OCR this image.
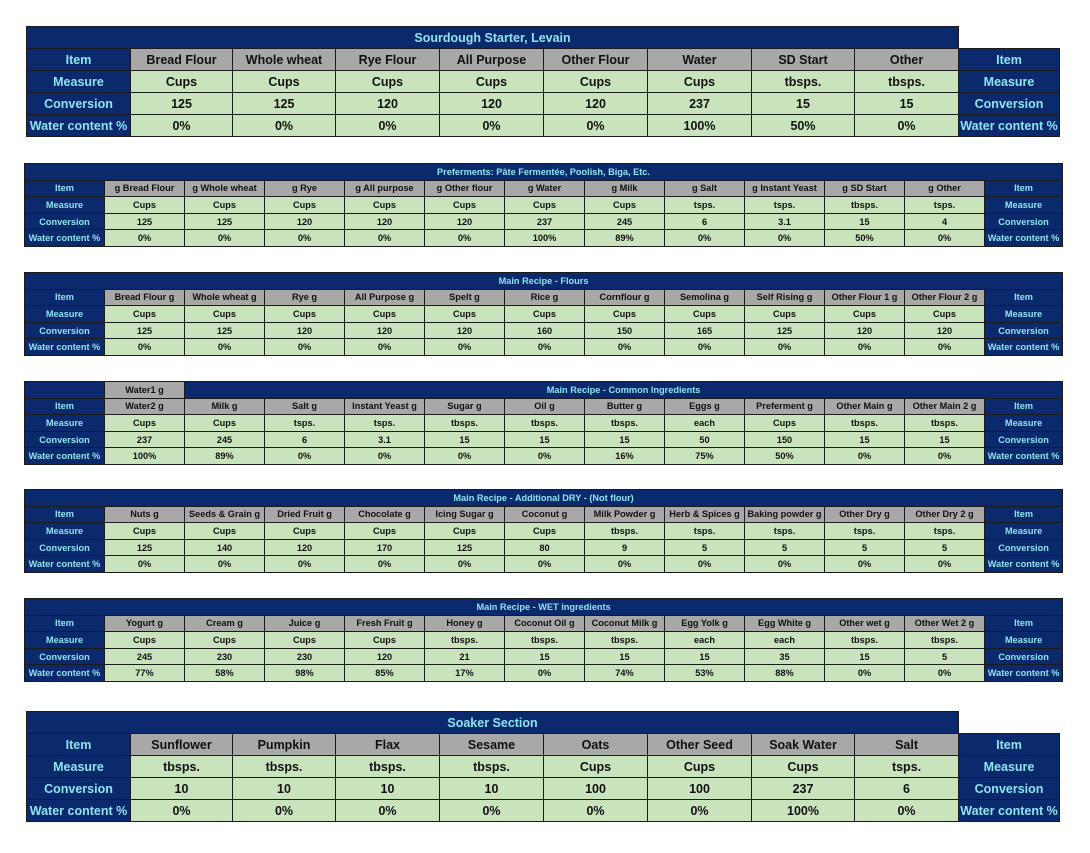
Sourdough Starter, Levain									
Item	Bread Flour	Whole wheat	Rye Flour	All Purpose	Other Flour	Water	SD Start	Other	Item
Measure	Cups	Cups	Cups	Cups	Cups	Cups	tbsps.	tbsps.	Measure
Conversion	125	125	120	120	120	237	15	15	Conversion
Water content %	0%	0%	0%	0%	0%	100%	50%	0%	Water content %
Preferments: Pâte Fermentée, Poolish, Biga, Etc.												
Item	g Bread Flour	g Whole wheat	g Rye	g All purpose	g Other flour	g Water	g Milk	g Salt	g Instant Yeast	g SD Start	g Other	Item
Measure	Cups	Cups	Cups	Cups	Cups	Cups	Cups	tsps.	tsps.	tbsps.	tsps.	Measure
Conversion	125	125	120	120	120	237	245	6	3.1	15	4	Conversion
Water content %	0%	0%	0%	0%	0%	100%	89%	0%	0%	50%	0%	Water content %
Main Recipe - Flours												
Item	Bread Flour g	Whole wheat g	Rye g	All Purpose g	Spelt g	Rice g	Cornflour g	Semolina g	Self Rising g	Other Flour 1 g	Other Flour 2 g	Item
Measure	Cups	Cups	Cups	Cups	Cups	Cups	Cups	Cups	Cups	Cups	Cups	Measure
Conversion	125	125	120	120	120	160	150	165	125	120	120	Conversion
Water content %	0%	0%	0%	0%	0%	0%	0%	0%	0%	0%	0%	Water content %
	Water1 g	Main Recipe - Common Ingredients										
Item	Water2 g	Milk g	Salt g	Instant Yeast g	Sugar g	Oil g	Butter g	Eggs g	Preferment g	Other Main g	Other Main 2 g	Item
Measure	Cups	Cups	tsps.	tsps.	tbsps.	tbsps.	tbsps.	each	Cups	tbsps.	tbsps.	Measure
Conversion	237	245	6	3.1	15	15	15	50	150	15	15	Conversion
Water content %	100%	89%	0%	0%	0%	0%	16%	75%	50%	0%	0%	Water content %
Main Recipe - Additional DRY - (Not flour)												
Item	Nuts g	Seeds & Grain g	Dried Fruit g	Chocolate g	Icing Sugar g	Coconut g	Milk Powder g	Herb & Spices g	Baking powder g	Other Dry g	Other Dry 2 g	Item
Measure	Cups	Cups	Cups	Cups	Cups	Cups	tbsps.	tsps.	tsps.	tsps.	tsps.	Measure
Conversion	125	140	120	170	125	80	9	5	5	5	5	Conversion
Water content %	0%	0%	0%	0%	0%	0%	0%	0%	0%	0%	0%	Water content %
Main Recipe - WET ingredients												
Item	Yogurt g	Cream g	Juice g	Fresh Fruit g	Honey g	Coconut Oil g	Coconut Milk g	Egg Yolk g	Egg White g	Other wet g	Other Wet 2 g	Item
Measure	Cups	Cups	Cups	Cups	tbsps.	tbsps.	tbsps.	each	each	tbsps.	tbsps.	Measure
Conversion	245	230	230	120	21	15	15	15	35	15	5	Conversion
Water content %	77%	58%	98%	85%	17%	0%	74%	53%	88%	0%	0%	Water content %
Soaker Section									
Item	Sunflower	Pumpkin	Flax	Sesame	Oats	Other Seed	Soak Water	Salt	Item
Measure	tbsps.	tbsps.	tbsps.	tbsps.	Cups	Cups	Cups	tsps.	Measure
Conversion	10	10	10	10	100	100	237	6	Conversion
Water content %	0%	0%	0%	0%	0%	0%	100%	0%	Water content %
